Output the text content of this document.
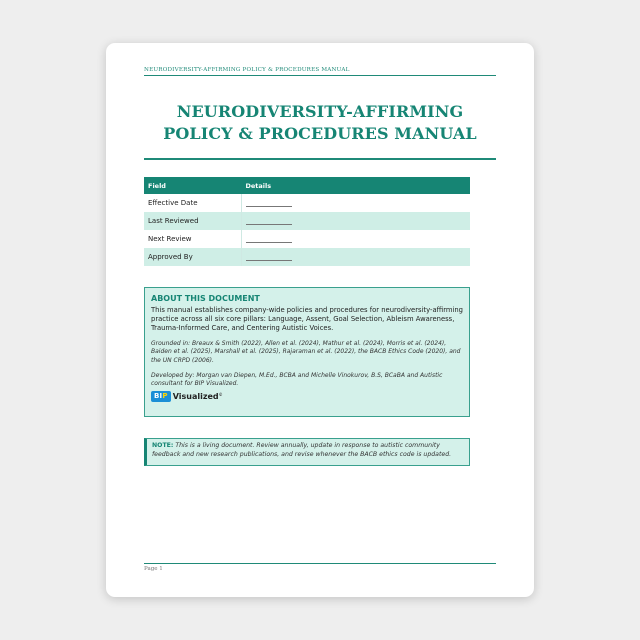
NEURODIVERSITY-AFFIRMING POLICY & PROCEDURES MANUAL
NEURODIVERSITY-AFFIRMING
POLICY & PROCEDURES MANUAL
Field	Details
Effective Date	
Last Reviewed	
Next Review	
Approved By	
ABOUT THIS DOCUMENT

This manual establishes company-wide policies and procedures for neurodiversity-affirming practice across all six core pillars: Language, Assent, Goal Selection, Ableism Awareness, Trauma-Informed Care, and Centering Autistic Voices.

Grounded in: Breaux & Smith (2022), Allen et al. (2024), Mathur et al. (2024), Morris et al. (2024), Baiden et al. (2025), Marshall et al. (2025), Rajaraman et al. (2022), the BACB Ethics Code (2020), and the UN CRPD (2006).

Developed by: Morgan van Diepen, M.Ed., BCBA and Michelle Vinokurov, B.S, BCaBA and Autistic consultant for BIP Visualized.

BI P Visualized©
NOTE: This is a living document. Review annually, update in response to autistic community feedback and new research publications, and revise whenever the BACB ethics code is updated.
Page 1
